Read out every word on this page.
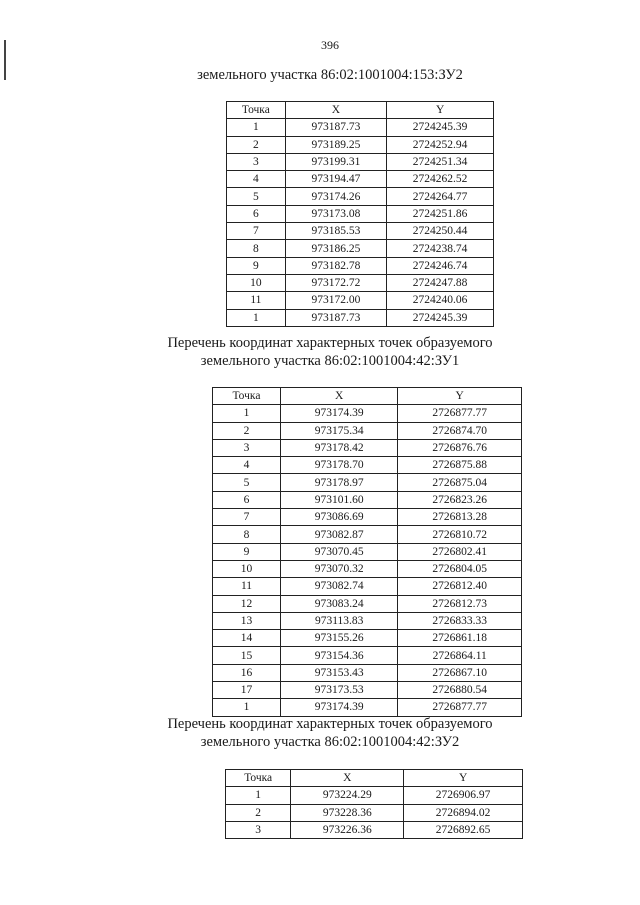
396
земельного участка 86:02:1001004:153:ЗУ2
Точка	X	Y
1	973187.73	2724245.39
2	973189.25	2724252.94
3	973199.31	2724251.34
4	973194.47	2724262.52
5	973174.26	2724264.77
6	973173.08	2724251.86
7	973185.53	2724250.44
8	973186.25	2724238.74
9	973182.78	2724246.74
10	973172.72	2724247.88
11	973172.00	2724240.06
1	973187.73	2724245.39
Перечень координат характерных точек образуемого
земельного участка 86:02:1001004:42:ЗУ1
Точка	X	Y
1	973174.39	2726877.77
2	973175.34	2726874.70
3	973178.42	2726876.76
4	973178.70	2726875.88
5	973178.97	2726875.04
6	973101.60	2726823.26
7	973086.69	2726813.28
8	973082.87	2726810.72
9	973070.45	2726802.41
10	973070.32	2726804.05
11	973082.74	2726812.40
12	973083.24	2726812.73
13	973113.83	2726833.33
14	973155.26	2726861.18
15	973154.36	2726864.11
16	973153.43	2726867.10
17	973173.53	2726880.54
1	973174.39	2726877.77
Перечень координат характерных точек образуемого
земельного участка 86:02:1001004:42:ЗУ2
Точка	X	Y
1	973224.29	2726906.97
2	973228.36	2726894.02
3	973226.36	2726892.65
